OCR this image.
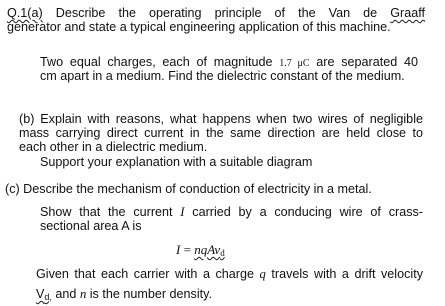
Q.1(a) Describe the operating principle of the Van de Graaff
generator and state a typical engineering application of this machine.
Two equal charges, each of magnitude 1.7 μC are separated 40
cm apart in a medium. Find the dielectric constant of the medium.
(b) Explain with reasons, what happens when two wires of negligible
mass carrying direct current in the same direction are held close to
each other in a dielectric medium.
Support your explanation with a suitable diagram
(c) Describe the mechanism of conduction of electricity in a metal.
Show that the current I carried by a conducing wire of crass-
sectional area A is
I = nqAv$_d$
Given that each carrier with a charge q travels with a drift velocity
Vd, and n is the number density.
